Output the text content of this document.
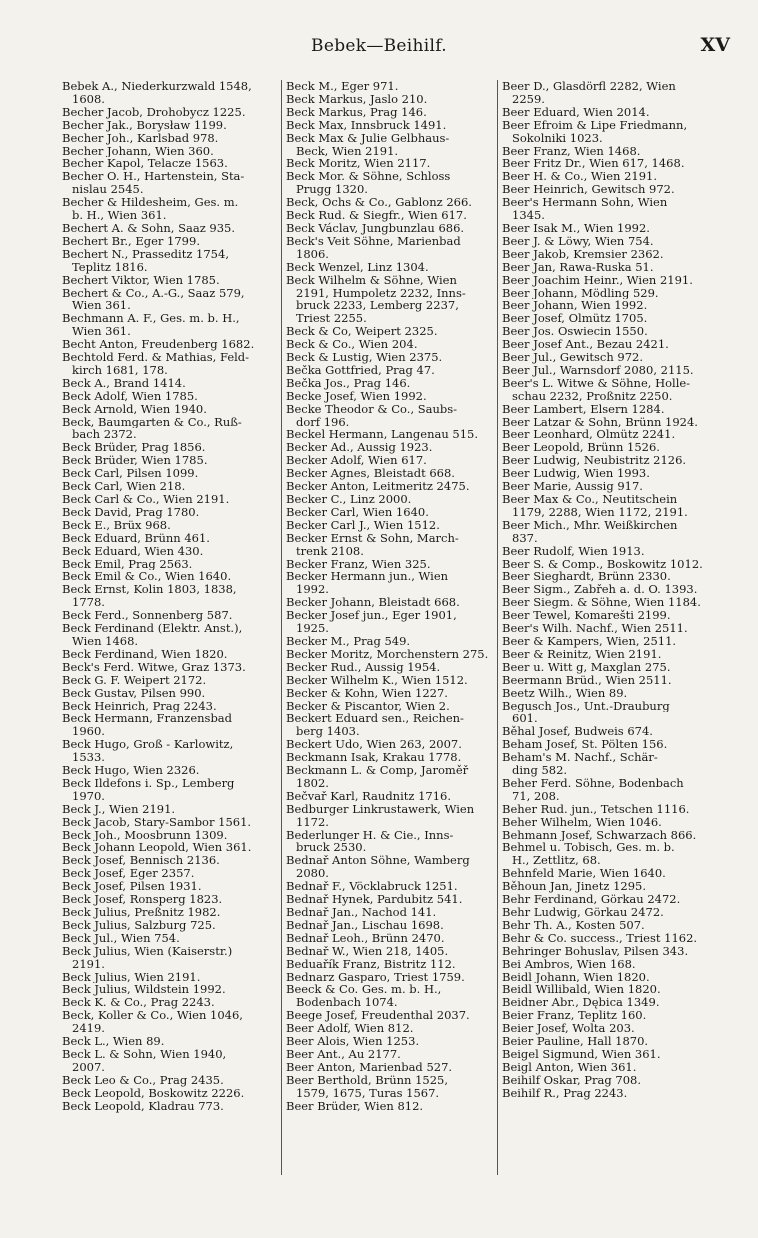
Bebek—Beihilf.	XV
Bebek A., Niederkurzwald 1548,
1608.
Becher Jacob, Drohobycz 1225.
Becher Jak., Borysław 1199.
Becher Joh., Karlsbad 978.
Becher Johann, Wien 360.
Becher Kapol, Telacze 1563.
Becher O. H., Hartenstein, Sta-
nislau 2545.
Becher & Hildesheim, Ges. m.
b. H., Wien 361.
Bechert A. & Sohn, Saaz 935.
Bechert Br., Eger 1799.
Bechert N., Prasseditz 1754,
Teplitz 1816.
Bechert Viktor, Wien 1785.
Bechert & Co., A.-G., Saaz 579,
Wien 361.
Bechmann A. F., Ges. m. b. H.,
Wien 361.
Becht Anton, Freudenberg 1682.
Bechtold Ferd. & Mathias, Feld-
kirch 1681, 178.
Beck A., Brand 1414.
Beck Adolf, Wien 1785.
Beck Arnold, Wien 1940.
Beck, Baumgarten & Co., Ruß-
bach 2372.
Beck Brüder, Prag 1856.
Beck Brüder, Wien 1785.
Beck Carl, Pilsen 1099.
Beck Carl, Wien 218.
Beck Carl & Co., Wien 2191.
Beck David, Prag 1780.
Beck E., Brüx 968.
Beck Eduard, Brünn 461.
Beck Eduard, Wien 430.
Beck Emil, Prag 2563.
Beck Emil & Co., Wien 1640.
Beck Ernst, Kolin 1803, 1838,
1778.
Beck Ferd., Sonnenberg 587.
Beck Ferdinand (Elektr. Anst.),
Wien 1468.
Beck Ferdinand, Wien 1820.
Beck's Ferd. Witwe, Graz 1373.
Beck G. F. Weipert 2172.
Beck Gustav, Pilsen 990.
Beck Heinrich, Prag 2243.
Beck Hermann, Franzensbad
1960.
Beck Hugo, Groß - Karlowitz,
1533.
Beck Hugo, Wien 2326.
Beck Ildefons i. Sp., Lemberg
1970.
Beck J., Wien 2191.
Beck Jacob, Stary-Sambor 1561.
Beck Joh., Moosbrunn 1309.
Beck Johann Leopold, Wien 361.
Beck Josef, Bennisch 2136.
Beck Josef, Eger 2357.
Beck Josef, Pilsen 1931.
Beck Josef, Ronsperg 1823.
Beck Julius, Preßnitz 1982.
Beck Julius, Salzburg 725.
Beck Jul., Wien 754.
Beck Julius, Wien (Kaiserstr.)
2191.
Beck Julius, Wien 2191.
Beck Julius, Wildstein 1992.
Beck K. & Co., Prag 2243.
Beck, Koller & Co., Wien 1046,
2419.
Beck L., Wien 89.
Beck L. & Sohn, Wien 1940,
2007.
Beck Leo & Co., Prag 2435.
Beck Leopold, Boskowitz 2226.
Beck Leopold, Kladrau 773.
Beck M., Eger 971.
Beck Markus, Jaslo 210.
Beck Markus, Prag 146.
Beck Max, Innsbruck 1491.
Beck Max & Julie Gelbhaus-
Beck, Wien 2191.
Beck Moritz, Wien 2117.
Beck Mor. & Söhne, Schloss
Prugg 1320.
Beck, Ochs & Co., Gablonz 266.
Beck Rud. & Siegfr., Wien 617.
Beck Václav, Jungbunzlau 686.
Beck's Veit Söhne, Marienbad
1806.
Beck Wenzel, Linz 1304.
Beck Wilhelm & Söhne, Wien
2191, Humpoletz 2232, Inns-
bruck 2233, Lemberg 2237,
Triest 2255.
Beck & Co, Weipert 2325.
Beck & Co., Wien 204.
Beck & Lustig, Wien 2375.
Bečka Gottfried, Prag 47.
Bečka Jos., Prag 146.
Becke Josef, Wien 1992.
Becke Theodor & Co., Saubs-
dorf 196.
Beckel Hermann, Langenau 515.
Becker Ad., Aussig 1923.
Becker Adolf, Wien 617.
Becker Agnes, Bleistadt 668.
Becker Anton, Leitmeritz 2475.
Becker C., Linz 2000.
Becker Carl, Wien 1640.
Becker Carl J., Wien 1512.
Becker Ernst & Sohn, March-
trenk 2108.
Becker Franz, Wien 325.
Becker Hermann jun., Wien
1992.
Becker Johann, Bleistadt 668.
Becker Josef jun., Eger 1901,
1925.
Becker M., Prag 549.
Becker Moritz, Morchenstern 275.
Becker Rud., Aussig 1954.
Becker Wilhelm K., Wien 1512.
Becker & Kohn, Wien 1227.
Becker & Piscantor, Wien 2.
Beckert Eduard sen., Reichen-
berg 1403.
Beckert Udo, Wien 263, 2007.
Beckmann Isak, Krakau 1778.
Beckmann L. & Comp, Jaroměř
1802.
Bečvař Karl, Raudnitz 1716.
Bedburger Linkrustawerk, Wien
1172.
Bederlunger H. & Cie., Inns-
bruck 2530.
Bednař Anton Söhne, Wamberg
2080.
Bednař F., Vöcklabruck 1251.
Bednař Hynek, Pardubitz 541.
Bednař Jan., Nachod 141.
Bednař Jan., Lischau 1698.
Bednař Leoh., Brünn 2470.
Bednař W., Wien 218, 1405.
Beduařík Franz, Bistritz 112.
Bednarz Gasparo, Triest 1759.
Beeck & Co. Ges. m. b. H.,
Bodenbach 1074.
Beege Josef, Freudenthal 2037.
Beer Adolf, Wien 812.
Beer Alois, Wien 1253.
Beer Ant., Au 2177.
Beer Anton, Marienbad 527.
Beer Berthold, Brünn 1525,
1579, 1675, Turas 1567.
Beer Brüder, Wien 812.
Beer D., Glasdörfl 2282, Wien
2259.
Beer Eduard, Wien 2014.
Beer Efroim & Lipe Friedmann,
Sokolniki 1023.
Beer Franz, Wien 1468.
Beer Fritz Dr., Wien 617, 1468.
Beer H. & Co., Wien 2191.
Beer Heinrich, Gewitsch 972.
Beer's Hermann Sohn, Wien
1345.
Beer Isak M., Wien 1992.
Beer J. & Löwy, Wien 754.
Beer Jakob, Kremsier 2362.
Beer Jan, Rawa-Ruska 51.
Beer Joachim Heinr., Wien 2191.
Beer Johann, Mödling 529.
Beer Johann, Wien 1992.
Beer Josef, Olmütz 1705.
Beer Jos. Oswiecin 1550.
Beer Josef Ant., Bezau 2421.
Beer Jul., Gewitsch 972.
Beer Jul., Warnsdorf 2080, 2115.
Beer's L. Witwe & Söhne, Holle-
schau 2232, Proßnitz 2250.
Beer Lambert, Elsern 1284.
Beer Latzar & Sohn, Brünn 1924.
Beer Leonhard, Olmütz 2241.
Beer Leopold, Brünn 1526.
Beer Ludwig, Neubistritz 2126.
Beer Ludwig, Wien 1993.
Beer Marie, Aussig 917.
Beer Max & Co., Neutitschein
1179, 2288, Wien 1172, 2191.
Beer Mich., Mhr. Weißkirchen
837.
Beer Rudolf, Wien 1913.
Beer S. & Comp., Boskowitz 1012.
Beer Sieghardt, Brünn 2330.
Beer Sigm., Zabřeh a. d. O. 1393.
Beer Siegm. & Söhne, Wien 1184.
Beer Tewel, Komarešti 2199.
Beer's Wilh. Nachf., Wien 2511.
Beer & Kampers, Wien, 2511.
Beer & Reinitz, Wien 2191.
Beer u. Witt g, Maxglan 275.
Beermann Brüd., Wien 2511.
Beetz Wilh., Wien 89.
Begusch Jos., Unt.-Drauburg
601.
Běhal Josef, Budweis 674.
Beham Josef, St. Pölten 156.
Beham's M. Nachf., Schär-
ding 582.
Beher Ferd. Söhne, Bodenbach
71, 208.
Beher Rud. jun., Tetschen 1116.
Beher Wilhelm, Wien 1046.
Behmann Josef, Schwarzach 866.
Behmel u. Tobisch, Ges. m. b.
H., Zettlitz, 68.
Behnfeld Marie, Wien 1640.
Běhoun Jan, Jinetz 1295.
Behr Ferdinand, Görkau 2472.
Behr Ludwig, Görkau 2472.
Behr Th. A., Kosten 507.
Behr & Co. success., Triest 1162.
Behringer Bohuslav, Pilsen 343.
Bei Ambros, Wien 168.
Beidl Johann, Wien 1820.
Beidl Willibald, Wien 1820.
Beidner Abr., Dębica 1349.
Beier Franz, Teplitz 160.
Beier Josef, Wolta 203.
Beier Pauline, Hall 1870.
Beigel Sigmund, Wien 361.
Beigl Anton, Wien 361.
Beihilf Oskar, Prag 708.
Beihilf R., Prag 2243.
